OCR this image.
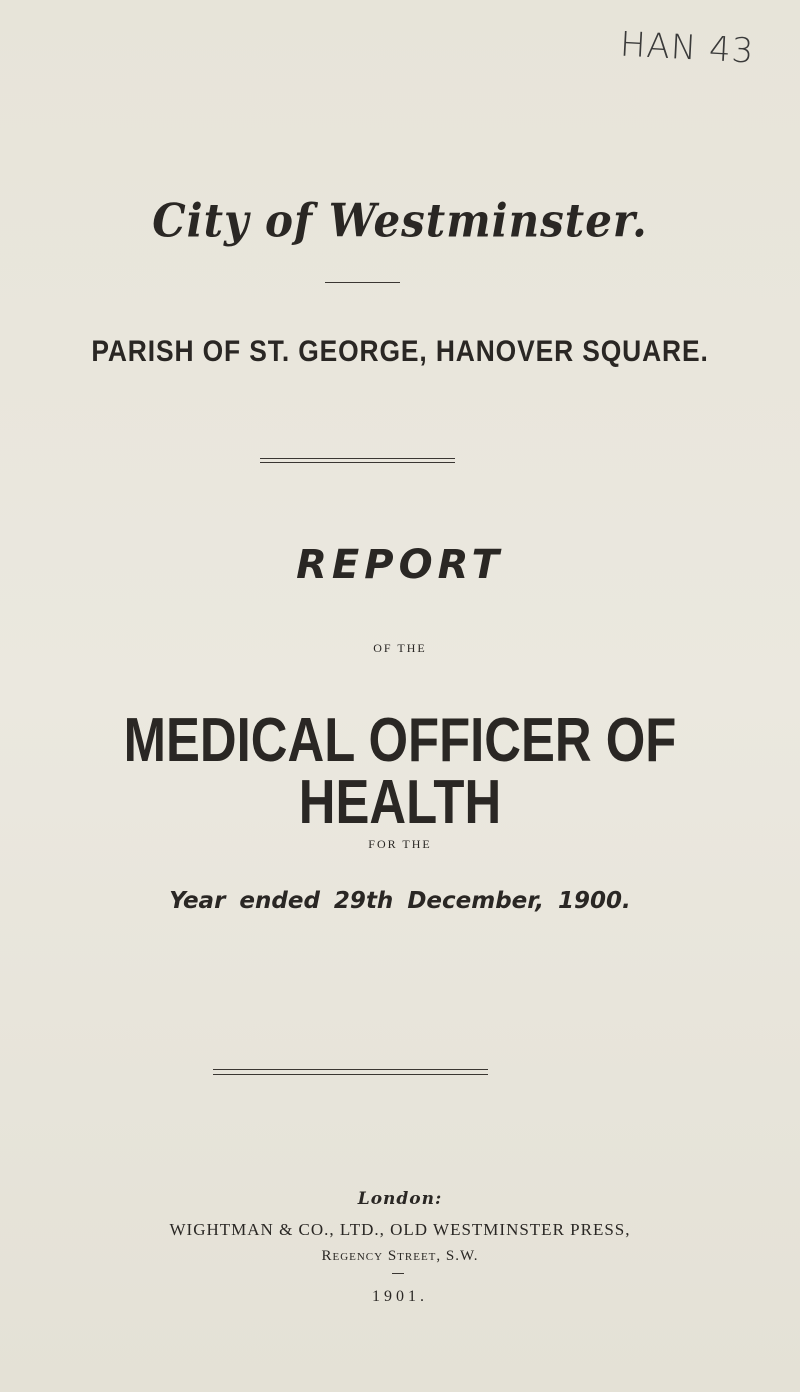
HAN 43
City of Westminster.
PARISH OF ST. GEORGE, HANOVER SQUARE.
REPORT
OF THE
MEDICAL OFFICER OF HEALTH
FOR THE
Year ended 29th December, 1900.
London:
WIGHTMAN & CO., LTD., OLD WESTMINSTER PRESS,
Regency Street, S.W.
1901.
